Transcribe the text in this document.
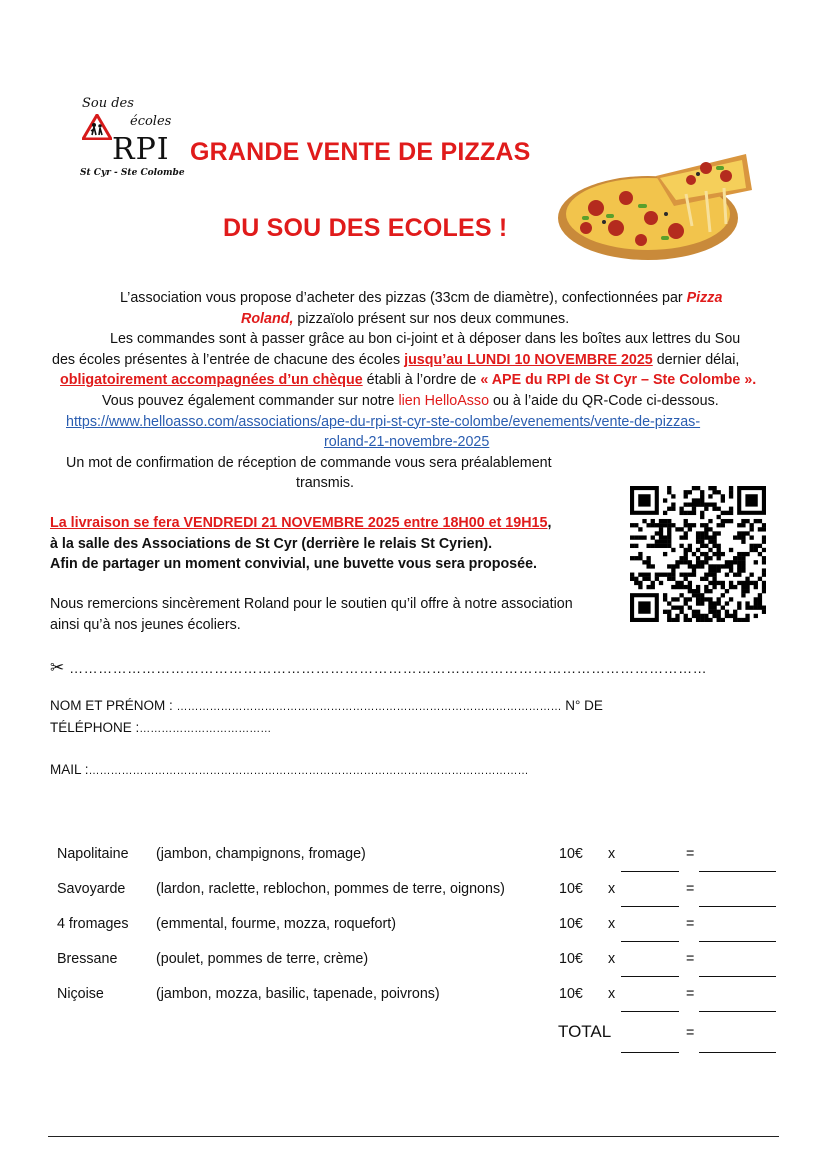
Sou des
écoles
RPI
St Cyr - Ste Colombe
GRANDE VENTE DE PIZZAS
DU SOU DES ECOLES !
L’association vous propose d’acheter des pizzas (33cm de diamètre), confectionnées par Pizza
Roland, pizzaïolo présent sur nos deux communes.
Les commandes sont à passer grâce au bon ci-joint et à déposer dans les boîtes aux lettres du Sou
des écoles présentes à l’entrée de chacune des écoles jusqu’au LUNDI 10 NOVEMBRE 2025 dernier délai,
obligatoirement accompagnées d’un chèque établi à l’ordre de « APE du RPI de St Cyr – Ste Colombe ».
Vous pouvez également commander sur notre lien HelloAsso ou à l’aide du QR-Code ci-dessous.
https://www.helloasso.com/associations/ape-du-rpi-st-cyr-ste-colombe/evenements/vente-de-pizzas-
roland-21-novembre-2025
Un mot de confirmation de réception de commande vous sera préalablement
transmis.
La livraison se fera VENDREDI 21 NOVEMBRE 2025 entre 18H00 et 19H15,
à la salle des Associations de St Cyr (derrière le relais St Cyrien).
Afin de partager un moment convivial, une buvette vous sera proposée.
Nous remercions sincèrement Roland pour le soutien qu’il offre à notre association
ainsi qu’à nos jeunes écoliers.
✂ ……………………………………………………………………………………………………………………
NOM ET PRÉNOM : …………………………………………………………………………………………… N° DE
TÉLÉPHONE :………………………………
MAIL :…………………………………………………………………………………………………………
Napolitaine (jambon, champignons, fromage)	10€ x	=
Savoyarde (lardon, raclette, reblochon, pommes de terre, oignons)	10€ x	=
4 fromages (emmental, fourme, mozza, roquefort)	10€ x	=
Bressane	(poulet, pommes de terre, crème)	10€ x	=
Niçoise	(jambon, mozza, basilic, tapenade, poivrons)	10€ x	=
TOTAL	=
